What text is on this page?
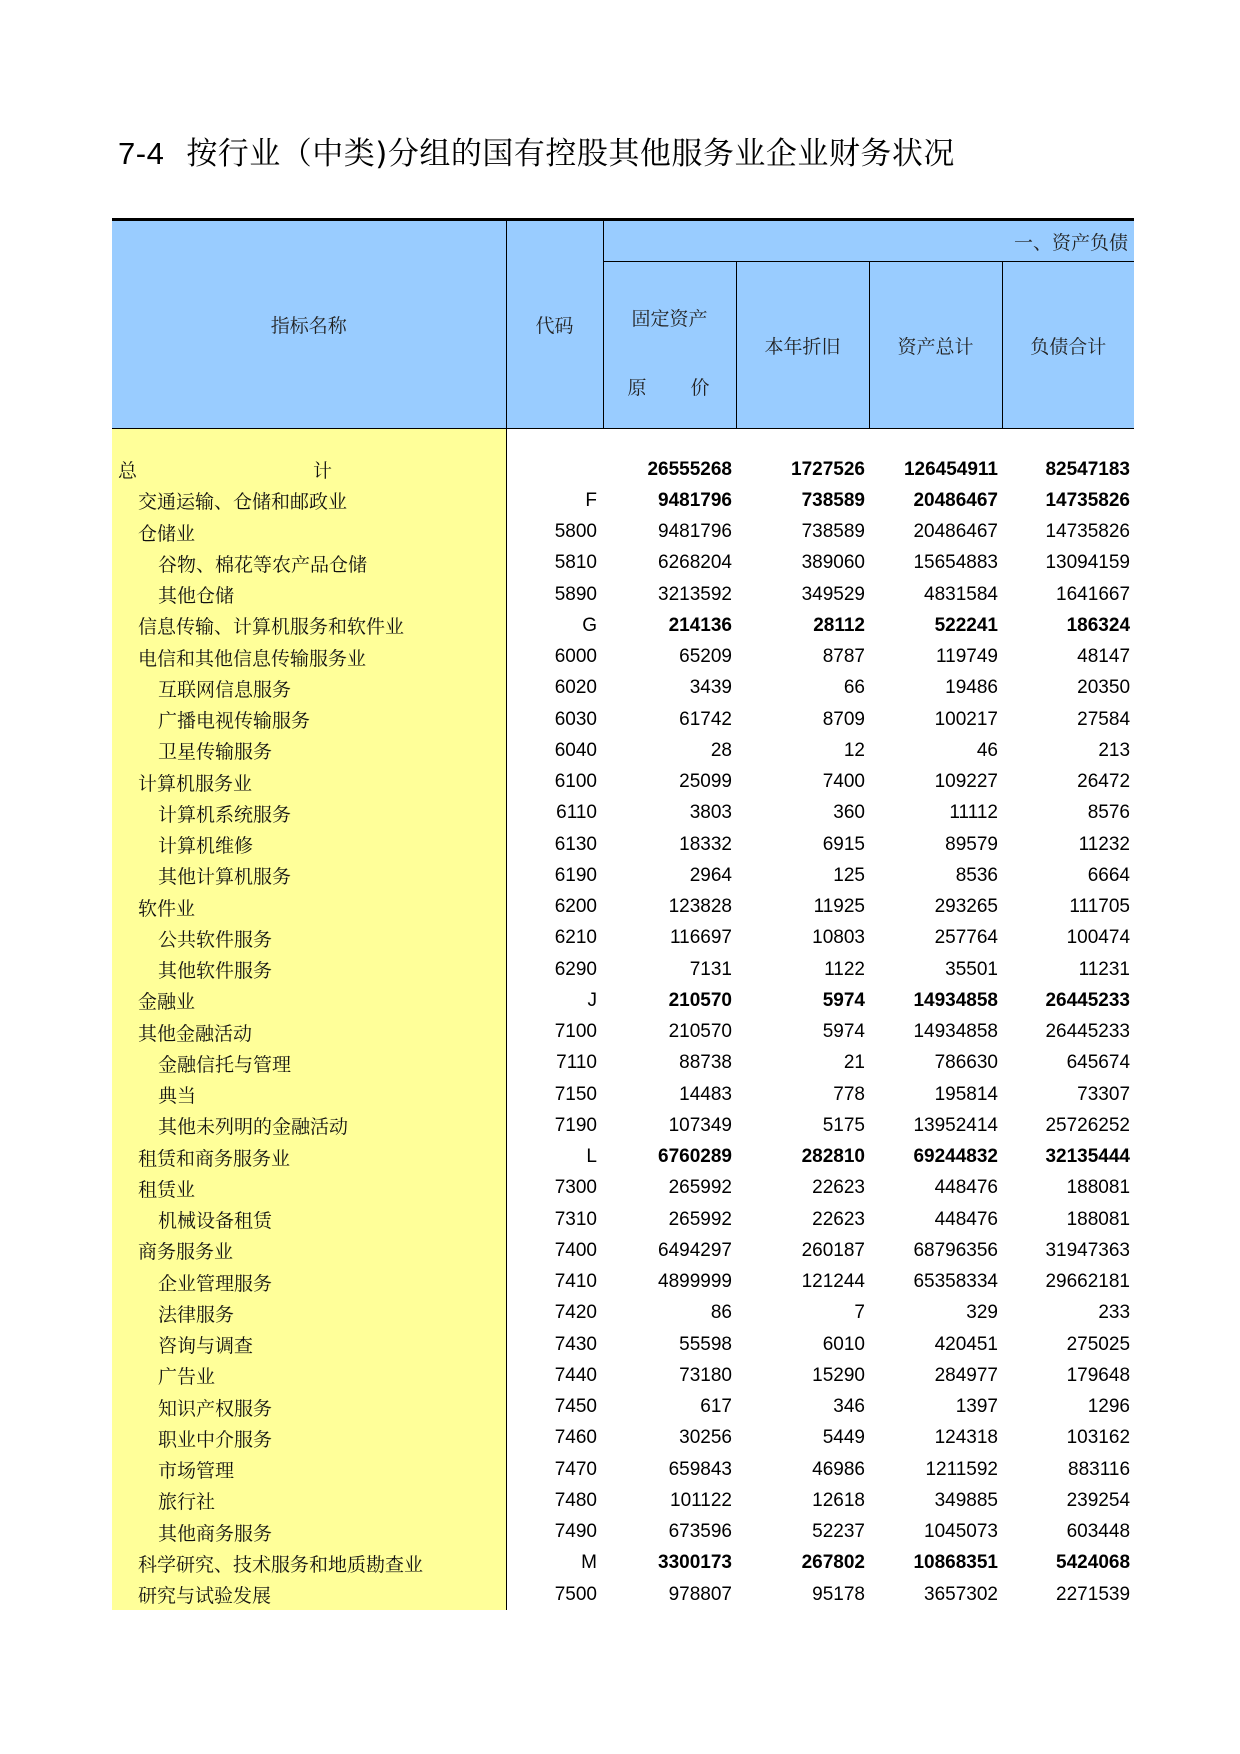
7-4 按行业（中类)分组的国有控股其他服务业企业财务状况
指标名称	代码	一、资产负债			

		固定资产
原　　价	本年折旧	资产总计	负债合计

总　　计		26555268	1727526	126454911	82547183
交通运输、仓储和邮政业	F	9481796	738589	20486467	14735826
仓储业	5800	9481796	738589	20486467	14735826
谷物、棉花等农产品仓储	5810	6268204	389060	15654883	13094159
其他仓储	5890	3213592	349529	4831584	1641667
信息传输、计算机服务和软件业	G	214136	28112	522241	186324
电信和其他信息传输服务业	6000	65209	8787	119749	48147
互联网信息服务	6020	3439	66	19486	20350
广播电视传输服务	6030	61742	8709	100217	27584
卫星传输服务	6040	28	12	46	213
计算机服务业	6100	25099	7400	109227	26472
计算机系统服务	6110	3803	360	11112	8576
计算机维修	6130	18332	6915	89579	11232
其他计算机服务	6190	2964	125	8536	6664
软件业	6200	123828	11925	293265	111705
公共软件服务	6210	116697	10803	257764	100474
其他软件服务	6290	7131	1122	35501	11231
金融业	J	210570	5974	14934858	26445233
其他金融活动	7100	210570	5974	14934858	26445233
金融信托与管理	7110	88738	21	786630	645674
典当	7150	14483	778	195814	73307
其他未列明的金融活动	7190	107349	5175	13952414	25726252
租赁和商务服务业	L	6760289	282810	69244832	32135444
租赁业	7300	265992	22623	448476	188081
机械设备租赁	7310	265992	22623	448476	188081
商务服务业	7400	6494297	260187	68796356	31947363
企业管理服务	7410	4899999	121244	65358334	29662181
法律服务	7420	86	7	329	233
咨询与调查	7430	55598	6010	420451	275025
广告业	7440	73180	15290	284977	179648
知识产权服务	7450	617	346	1397	1296
职业中介服务	7460	30256	5449	124318	103162
市场管理	7470	659843	46986	1211592	883116
旅行社	7480	101122	12618	349885	239254
其他商务服务	7490	673596	52237	1045073	603448
科学研究、技术服务和地质勘查业	M	3300173	267802	10868351	5424068
研究与试验发展	7500	978807	95178	3657302	2271539
